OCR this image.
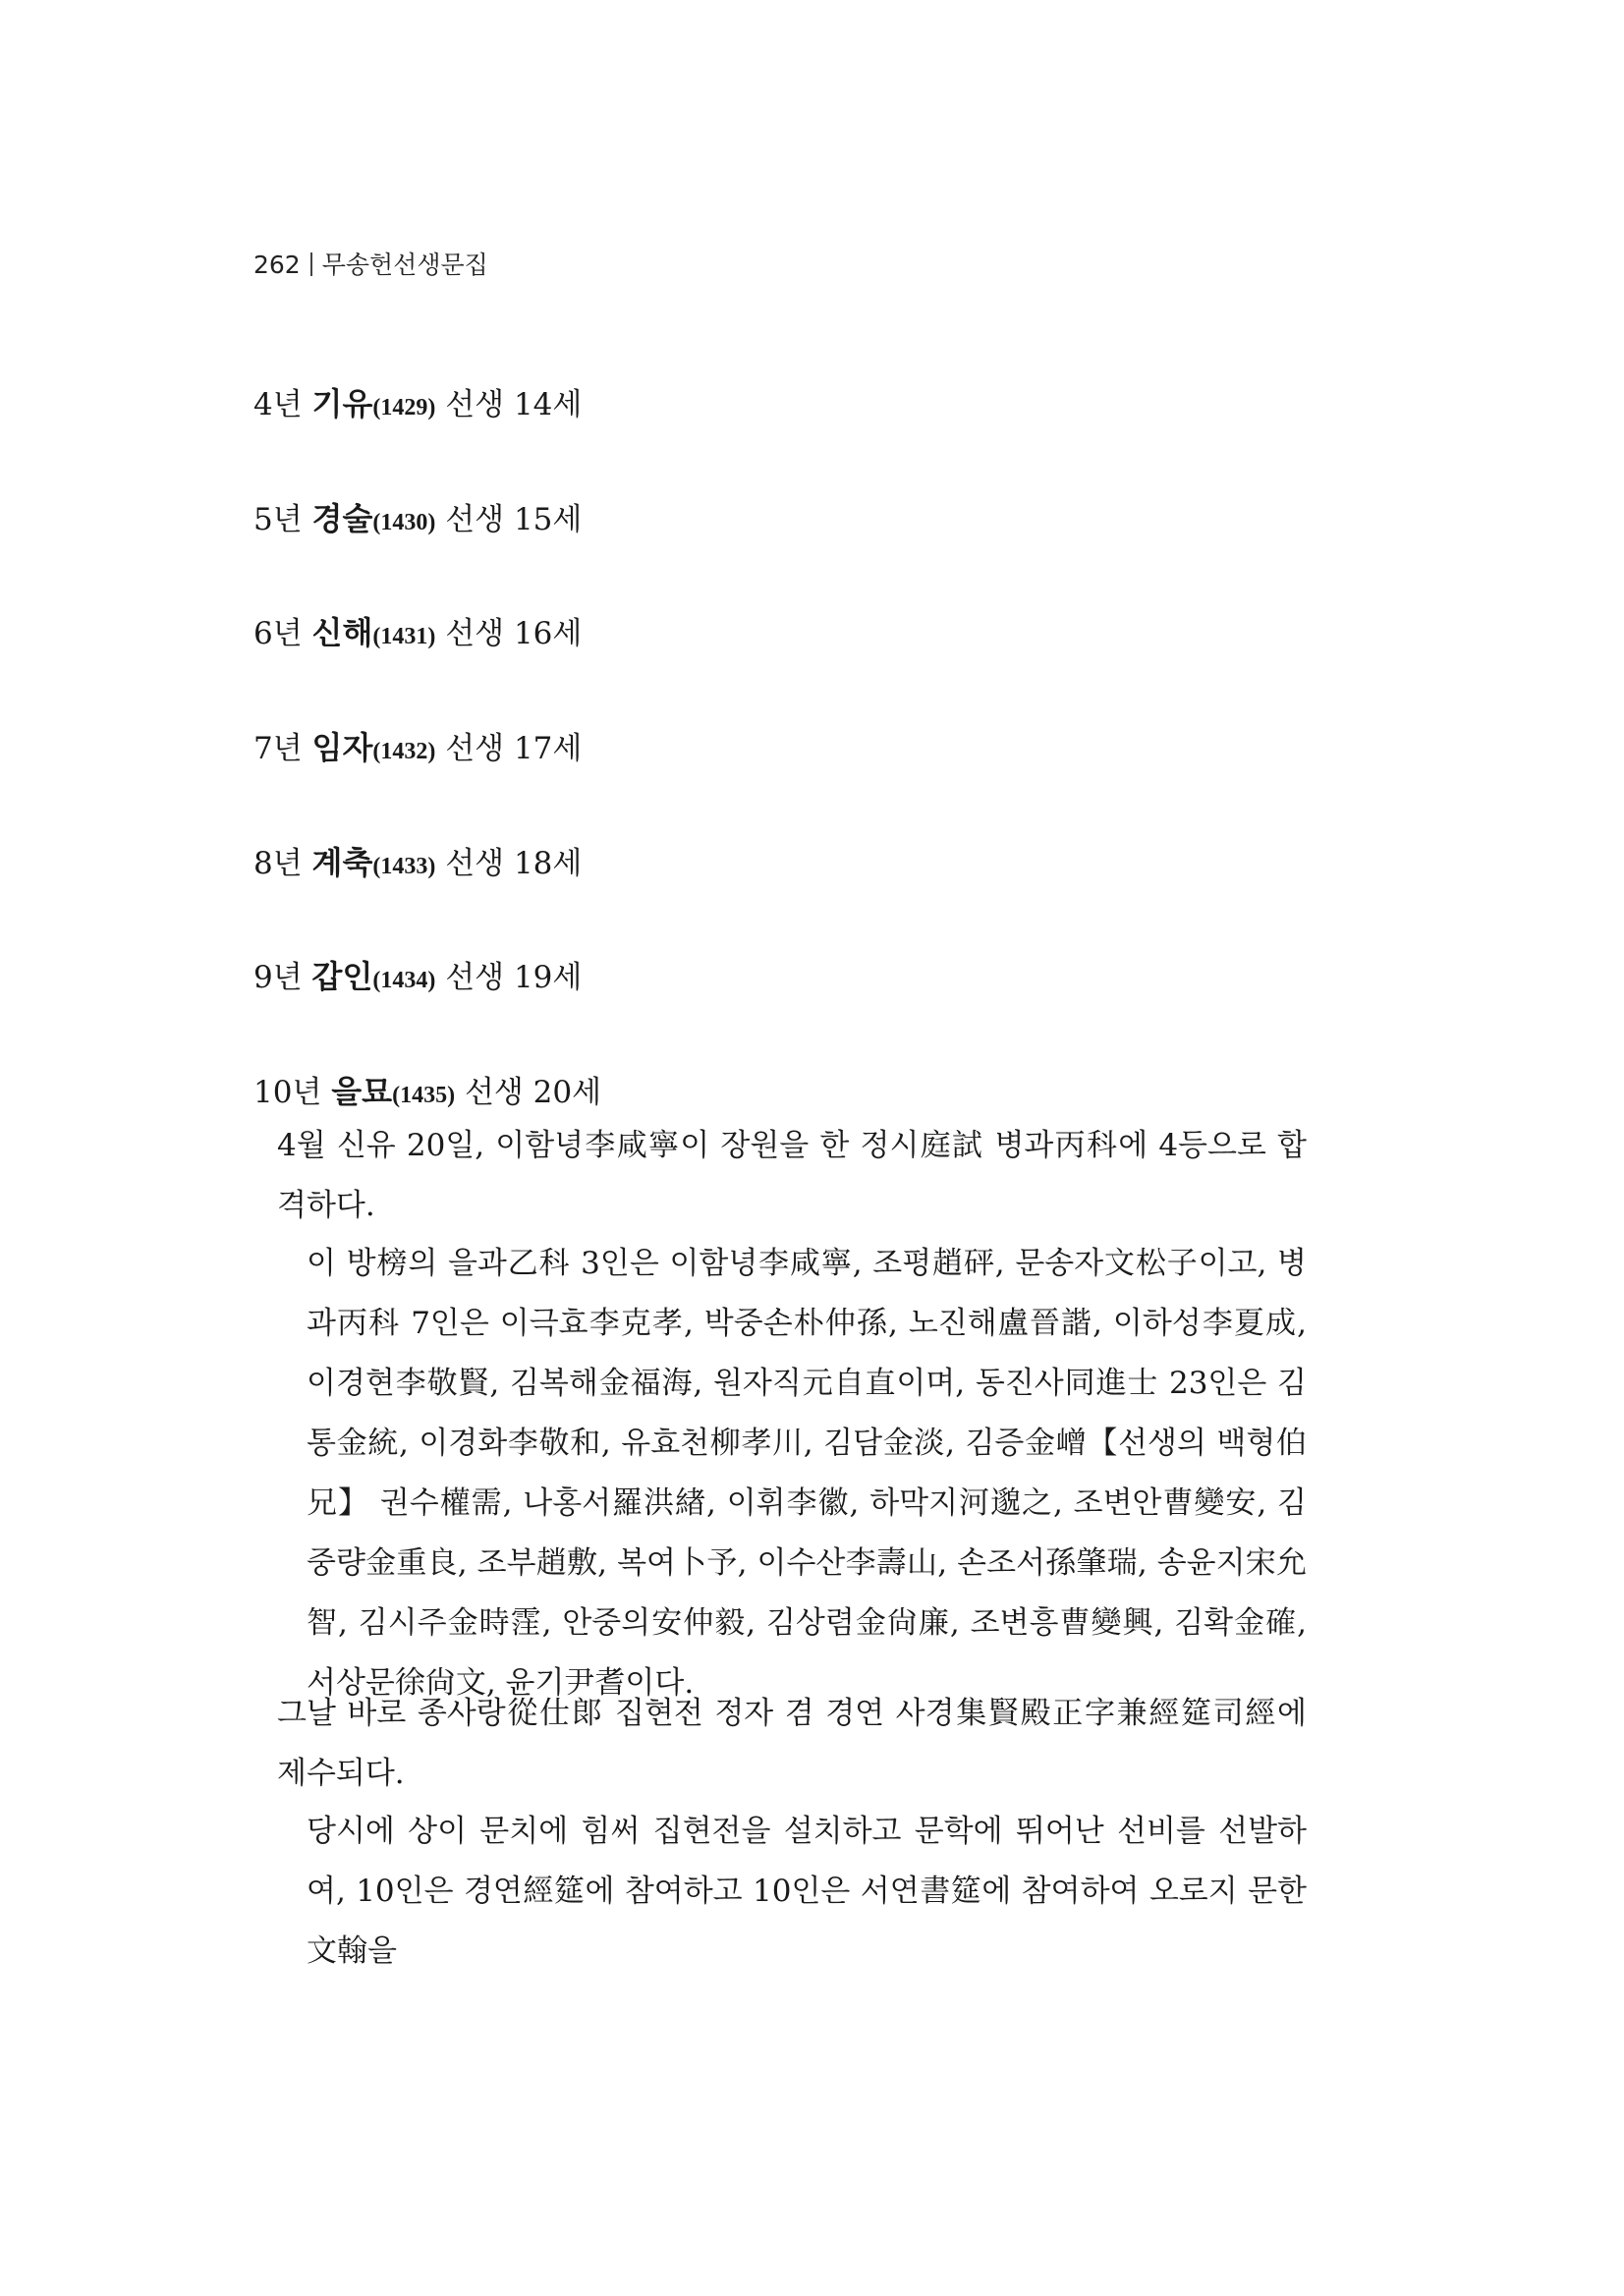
262 무송헌선생문집
4년 기유(1429) 선생 14세
5년 경술(1430) 선생 15세
6년 신해(1431) 선생 16세
7년 임자(1432) 선생 17세
8년 계축(1433) 선생 18세
9년 갑인(1434) 선생 19세
10년 을묘(1435) 선생 20세
4월 신유 20일, 이함녕李咸寧이 장원을 한 정시庭試 병과丙科에 4등으로 합격하다.
이 방榜의 을과乙科 3인은 이함녕李咸寧, 조평趙砰, 문송자文松子이고, 병과丙科 7인은 이극효李克孝, 박중손朴仲孫, 노진해盧晉諧, 이하성李夏成, 이경현李敬賢, 김복해金福海, 원자직元自直이며, 동진사同進士 23인은 김통金統, 이경화李敬和, 유효천柳孝川, 김담金淡, 김증金嶒【선생의 백형伯兄】 권수權需, 나홍서羅洪緖, 이휘李徽, 하막지河邈之, 조변안曹變安, 김중량金重良, 조부趙敷, 복여卜予, 이수산李壽山, 손조서孫肇瑞, 송윤지宋允智, 김시주金時霔, 안중의安仲毅, 김상렴金尙廉, 조변흥曹變興, 김확金確, 서상문徐尙文, 윤기尹耆이다.
그날 바로 종사랑從仕郞 집현전 정자 겸 경연 사경集賢殿正字兼經筵司經에 제수되다.
당시에 상이 문치에 힘써 집현전을 설치하고 문학에 뛰어난 선비를 선발하여, 10인은 경연經筵에 참여하고 10인은 서연書筵에 참여하여 오로지 문한文翰을
